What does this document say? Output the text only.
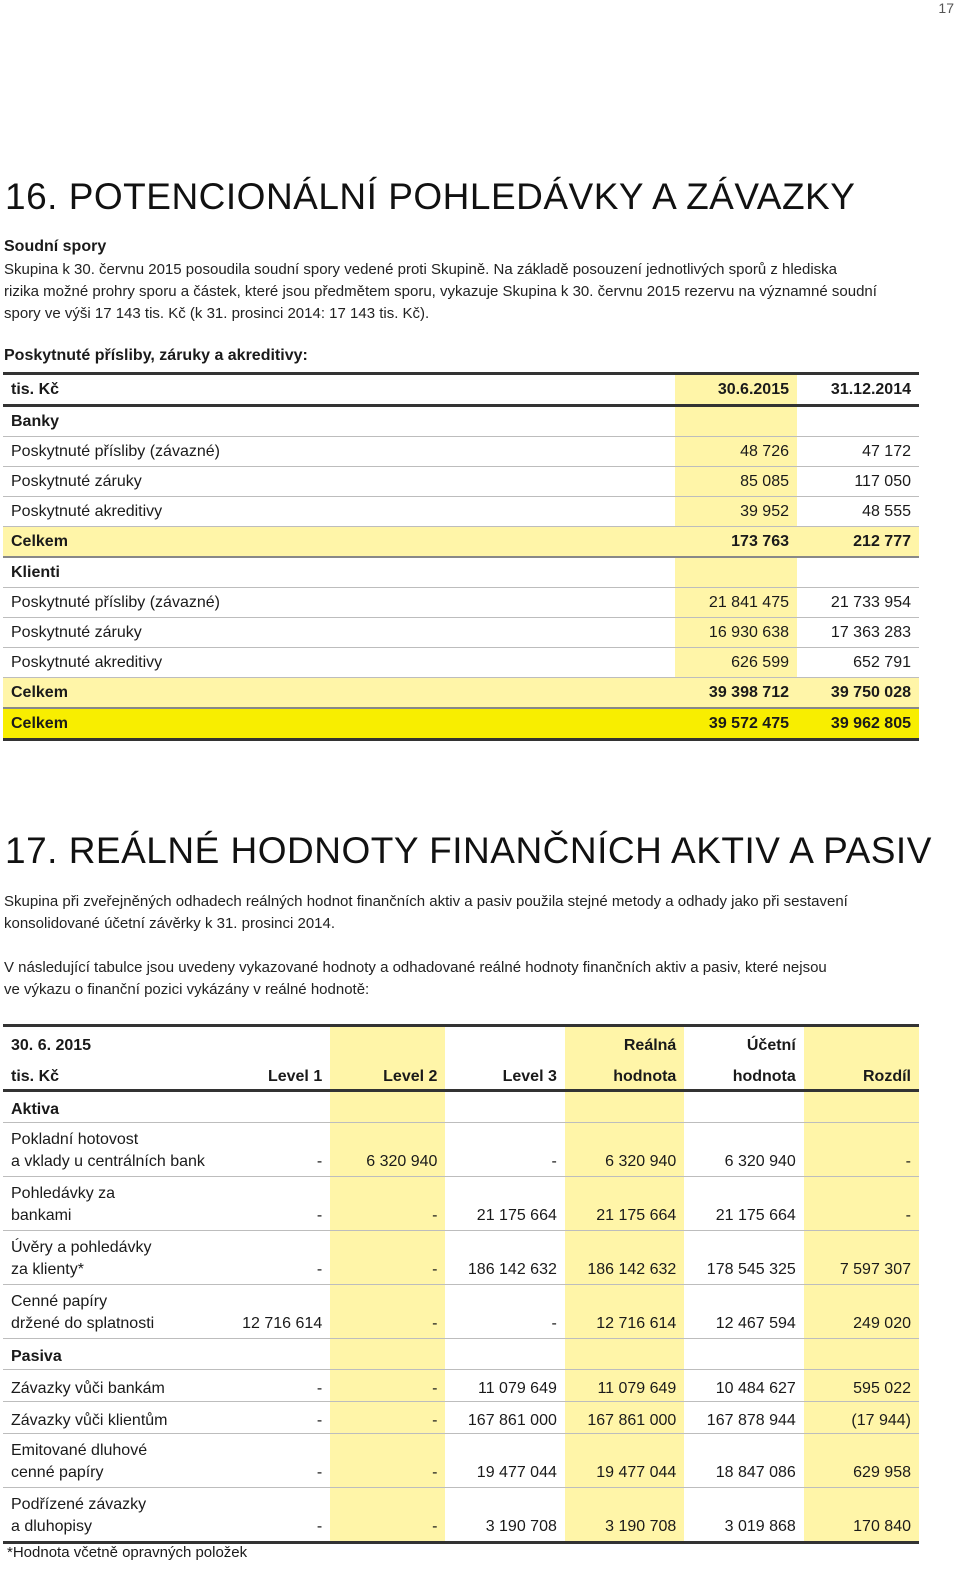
17
16. POTENCIONÁLNÍ POHLEDÁVKY A ZÁVAZKY

Soudní spory

Skupina k 30. červnu 2015 posoudila soudní spory vedené proti Skupině. Na základě posouzení jednotlivých sporů z hlediska
rizika možné prohry sporu a částek, které jsou předmětem sporu, vykazuje Skupina k 30. červnu 2015 rezervu na významné soudní
spory ve výši 17 143 tis. Kč (k 31. prosinci 2014: 17 143 tis. Kč).

Poskytnuté přísliby, záruky a akreditivy:

tis. Kč	30.6.2015	31.12.2014
Banky		
Poskytnuté přísliby (závazné)	48 726	47 172
Poskytnuté záruky	85 085	117 050
Poskytnuté akreditivy	39 952	48 555
Celkem	173 763	212 777
Klienti		
Poskytnuté přísliby (závazné)	21 841 475	21 733 954
Poskytnuté záruky	16 930 638	17 363 283
Poskytnuté akreditivy	626 599	652 791
Celkem	39 398 712	39 750 028
Celkem	39 572 475	39 962 805
17. REÁLNÉ HODNOTY FINANČNÍCH AKTIV A PASIV

Skupina při zveřejněných odhadech reálných hodnot finančních aktiv a pasiv použila stejné metody a odhady jako při sestavení
konsolidované účetní závěrky k 31. prosinci 2014.

V následující tabulce jsou uvedeny vykazované hodnoty a odhadované reálné hodnoty finančních aktiv a pasiv, které nejsou
ve výkazu o finanční pozici vykázány v reálné hodnotě:

30. 6. 2015				Reálná	Účetní	
tis. Kč	Level 1	Level 2	Level 3	hodnota	hodnota	Rozdíl
Aktiva						

Pokladní hotovost
a vklady u centrálních bank	-	6 320 940	-	6 320 940	6 320 940	-

Pohledávky za
bankami	-	-	21 175 664	21 175 664	21 175 664	-

Úvěry a pohledávky
za klienty*	-	-	186 142 632	186 142 632	178 545 325	7 597 307

Cenné papíry
držené do splatnosti	12 716 614	-	-	12 716 614	12 467 594	249 020
Pasiva						
Závazky vůči bankám	-	-	11 079 649	11 079 649	10 484 627	595 022
Závazky vůči klientům	-	-	167 861 000	167 861 000	167 878 944	(17 944)

Emitované dluhové
cenné papíry	-	-	19 477 044	19 477 044	18 847 086	629 958

Podřízené závazky
a dluhopisy	-	-	3 190 708	3 190 708	3 019 868	170 840

*Hodnota včetně opravných položek
